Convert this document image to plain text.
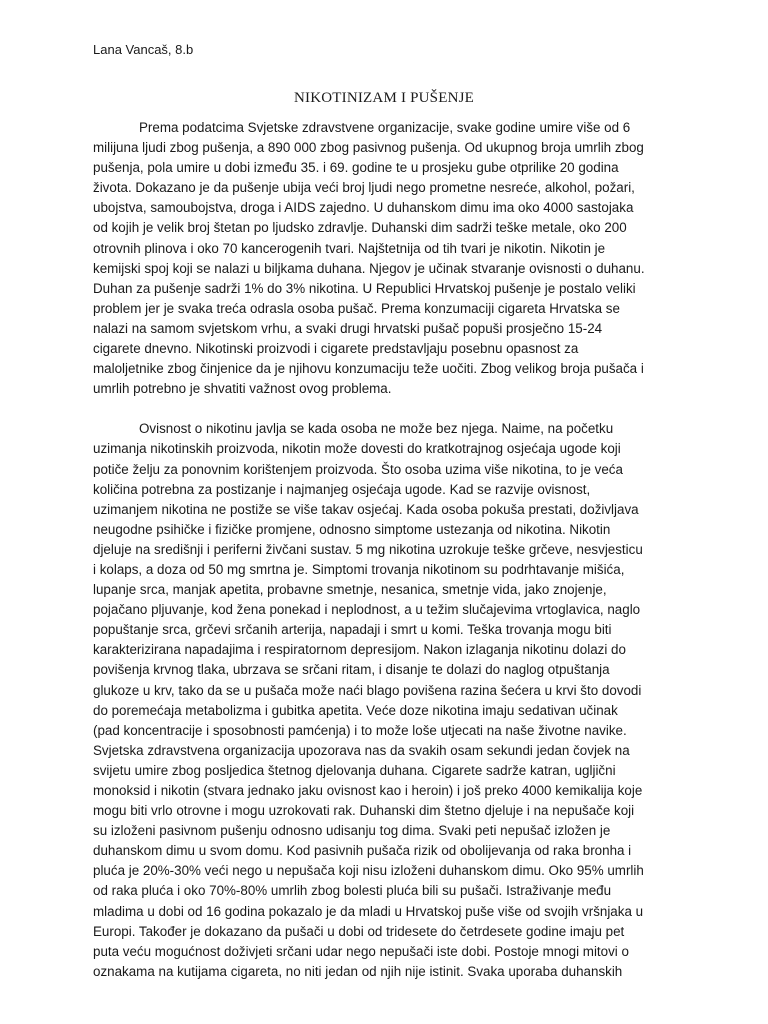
Lana Vancaš, 8.b
NIKOTINIZAM I PUŠENJE
Prema podatcima Svjetske zdravstvene organizacije, svake godine umire više od 6
milijuna ljudi zbog pušenja, a 890 000 zbog pasivnog pušenja. Od ukupnog broja umrlih zbog
pušenja, pola umire u dobi između 35. i 69. godine te u prosjeku gube otprilike 20 godina
života. Dokazano je da pušenje ubija veći broj ljudi nego prometne nesreće, alkohol, požari,
ubojstva, samoubojstva, droga i AIDS zajedno. U duhanskom dimu ima oko 4000 sastojaka
od kojih je velik broj štetan po ljudsko zdravlje. Duhanski dim sadrži teške metale, oko 200
otrovnih plinova i oko 70 kancerogenih tvari. Najštetnija od tih tvari je nikotin. Nikotin je
kemijski spoj koji se nalazi u biljkama duhana. Njegov je učinak stvaranje ovisnosti o duhanu.
Duhan za pušenje sadrži 1% do 3% nikotina. U Republici Hrvatskoj pušenje je postalo veliki
problem jer je svaka treća odrasla osoba pušač. Prema konzumaciji cigareta Hrvatska se
nalazi na samom svjetskom vrhu, a svaki drugi hrvatski pušač popuši prosječno 15-24
cigarete dnevno. Nikotinski proizvodi i cigarete predstavljaju posebnu opasnost za
maloljetnike zbog činjenice da je njihovu konzumaciju teže uočiti. Zbog velikog broja pušača i
umrlih potrebno je shvatiti važnost ovog problema.
Ovisnost o nikotinu javlja se kada osoba ne može bez njega. Naime, na početku
uzimanja nikotinskih proizvoda, nikotin može dovesti do kratkotrajnog osjećaja ugode koji
potiče želju za ponovnim korištenjem proizvoda. Što osoba uzima više nikotina, to je veća
količina potrebna za postizanje i najmanjeg osjećaja ugode. Kad se razvije ovisnost,
uzimanjem nikotina ne postiže se više takav osjećaj. Kada osoba pokuša prestati, doživljava
neugodne psihičke i fizičke promjene, odnosno simptome ustezanja od nikotina. Nikotin
djeluje na središnji i periferni živčani sustav. 5 mg nikotina uzrokuje teške grčeve, nesvjesticu
i kolaps, a doza od 50 mg smrtna je. Simptomi trovanja nikotinom su podrhtavanje mišića,
lupanje srca, manjak apetita, probavne smetnje, nesanica, smetnje vida, jako znojenje,
pojačano pljuvanje, kod žena ponekad i neplodnost, a u težim slučajevima vrtoglavica, naglo
popuštanje srca, grčevi srčanih arterija, napadaji i smrt u komi. Teška trovanja mogu biti
karakterizirana napadajima i respiratornom depresijom. Nakon izlaganja nikotinu dolazi do
povišenja krvnog tlaka, ubrzava se srčani ritam, i disanje te dolazi do naglog otpuštanja
glukoze u krv, tako da se u pušača može naći blago povišena razina šećera u krvi što dovodi
do poremećaja metabolizma i gubitka apetita. Veće doze nikotina imaju sedativan učinak
(pad koncentracije i sposobnosti pamćenja) i to može loše utjecati na naše životne navike.
Svjetska zdravstvena organizacija upozorava nas da svakih osam sekundi jedan čovjek na
svijetu umire zbog posljedica štetnog djelovanja duhana. Cigarete sadrže katran, ugljični
monoksid i nikotin (stvara jednako jaku ovisnost kao i heroin) i još preko 4000 kemikalija koje
mogu biti vrlo otrovne i mogu uzrokovati rak. Duhanski dim štetno djeluje i na nepušače koji
su izloženi pasivnom pušenju odnosno udisanju tog dima. Svaki peti nepušač izložen je
duhanskom dimu u svom domu. Kod pasivnih pušača rizik od obolijevanja od raka bronha i
pluća je 20%-30% veći nego u nepušača koji nisu izloženi duhanskom dimu. Oko 95% umrlih
od raka pluća i oko 70%-80% umrlih zbog bolesti pluća bili su pušači. Istraživanje među
mladima u dobi od 16 godina pokazalo je da mladi u Hrvatskoj puše više od svojih vršnjaka u
Europi. Također je dokazano da pušači u dobi od tridesete do četrdesete godine imaju pet
puta veću mogućnost doživjeti srčani udar nego nepušači iste dobi. Postoje mnogi mitovi o
oznakama na kutijama cigareta, no niti jedan od njih nije istinit. Svaka uporaba duhanskih
